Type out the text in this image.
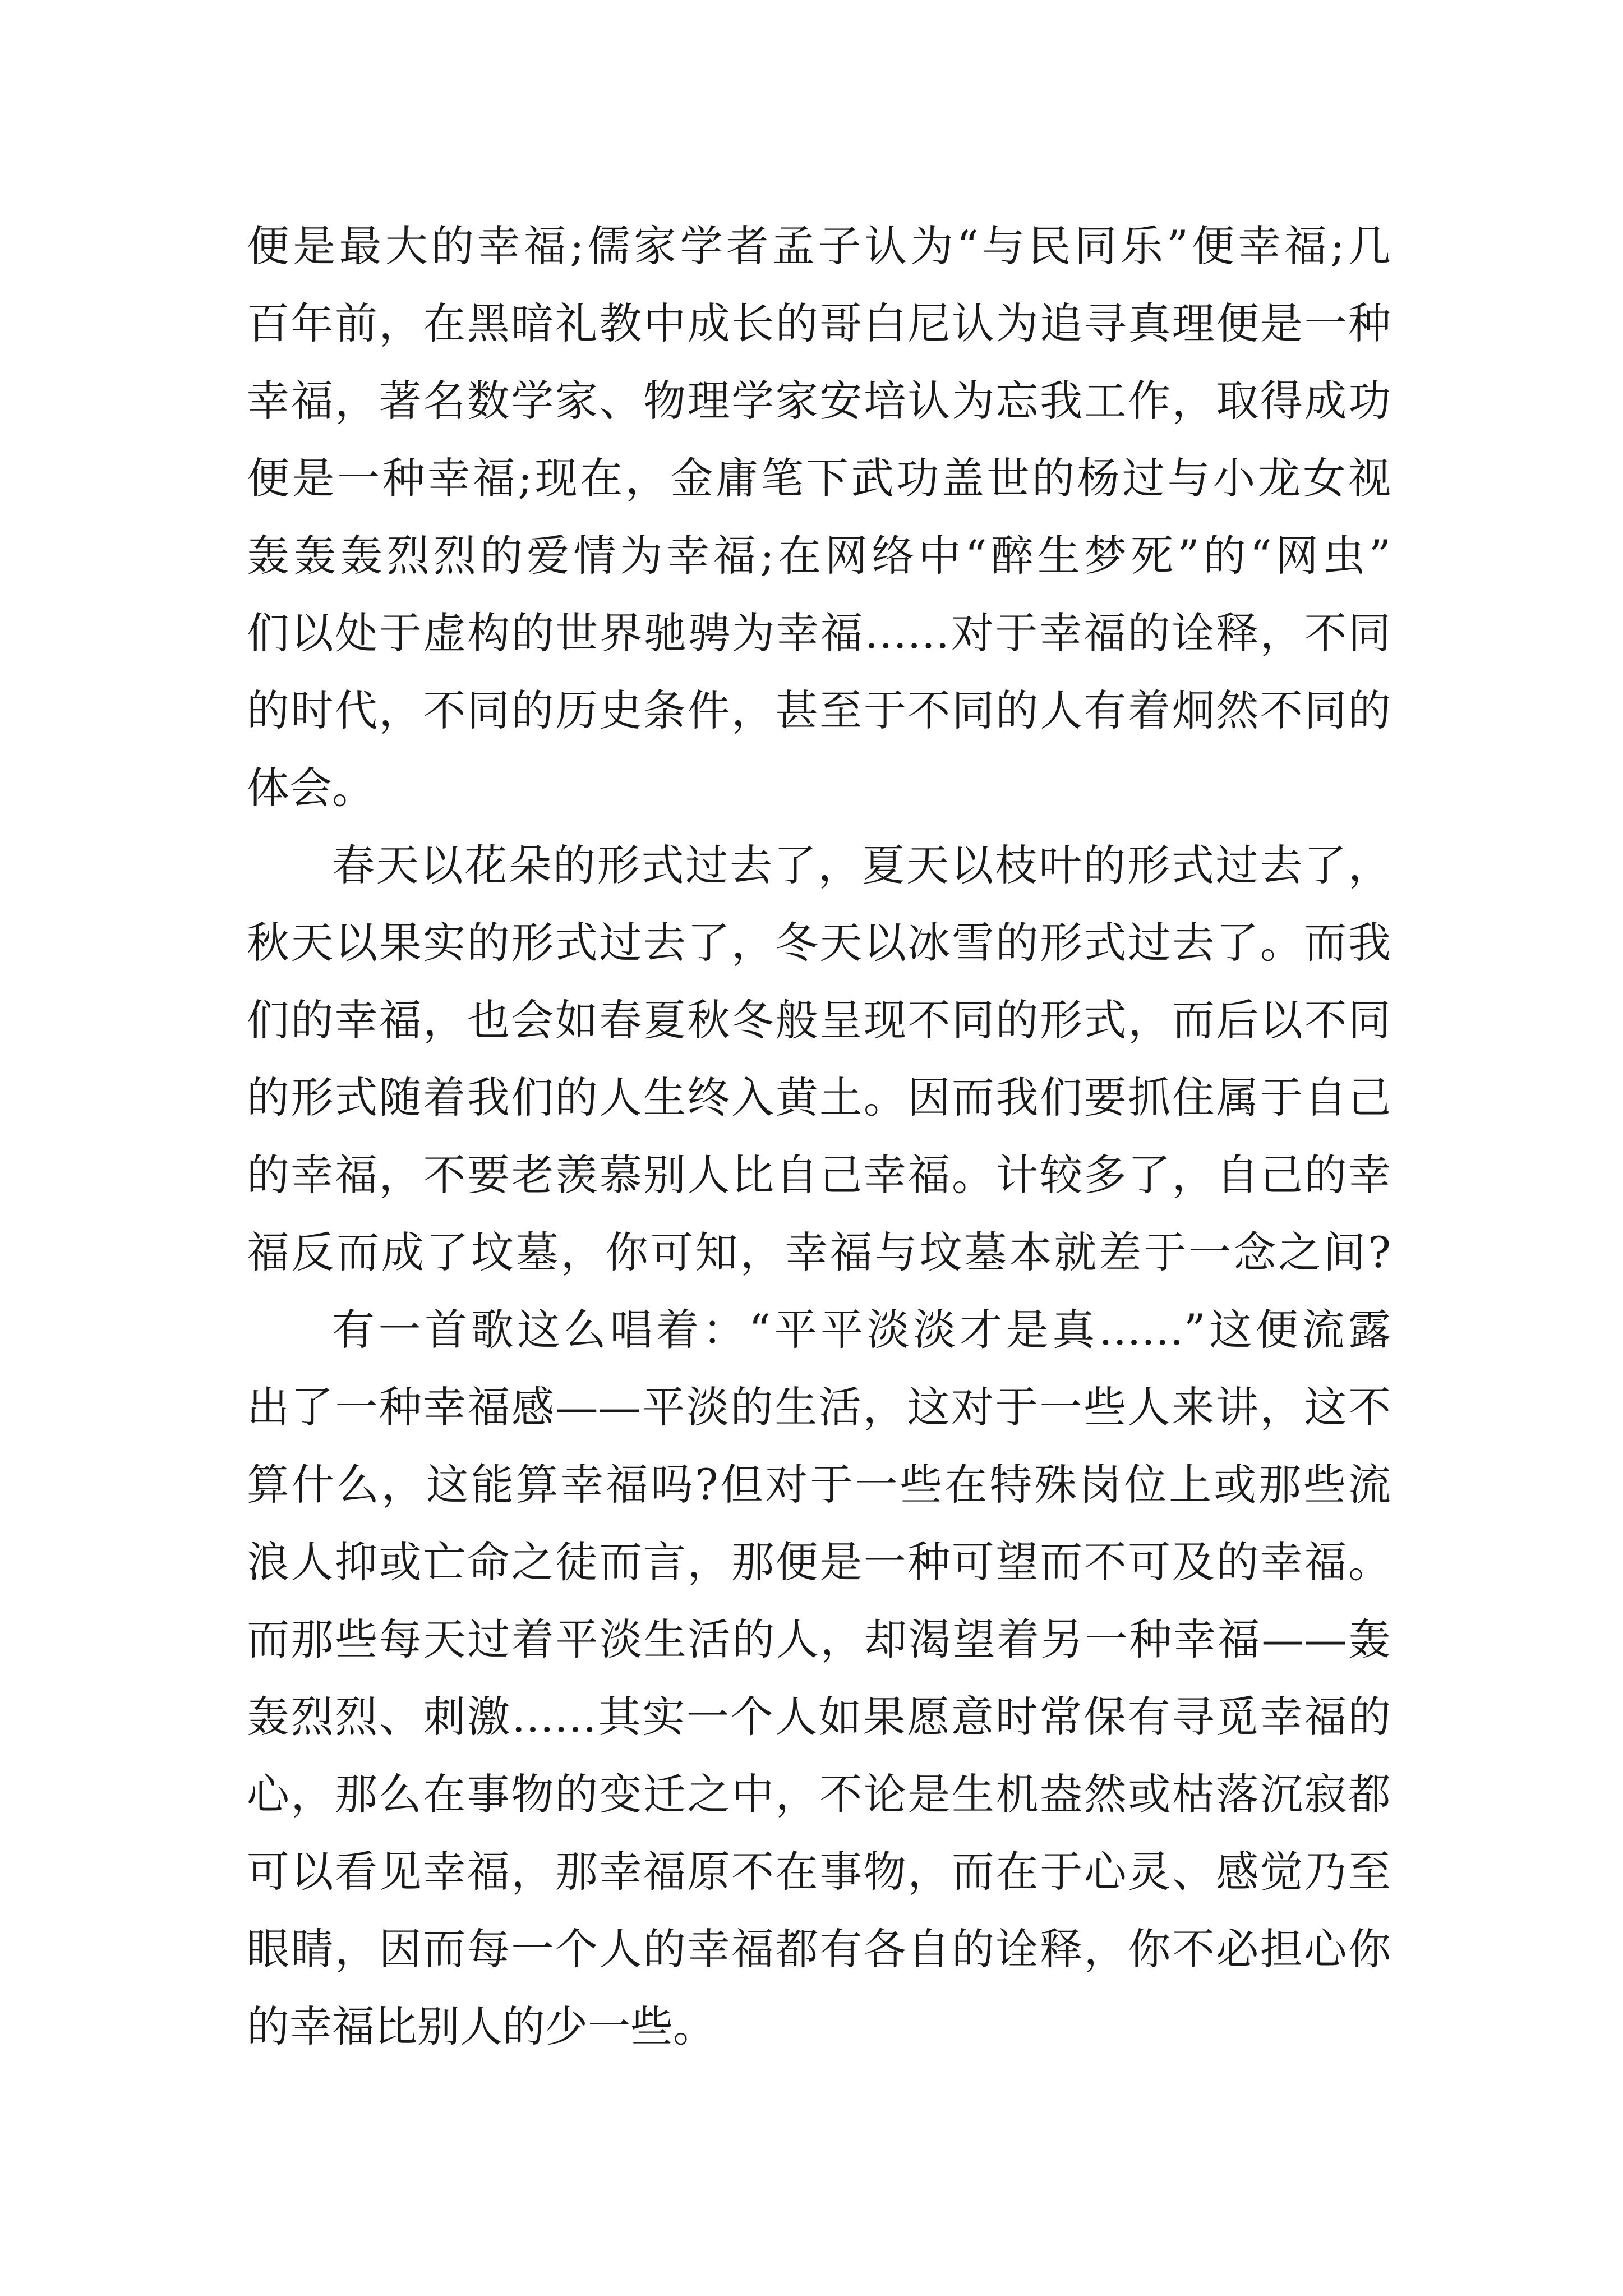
便是最大的幸福;儒家学者孟子认为“与民同乐”便幸福;几
百年前，在黑暗礼教中成长的哥白尼认为追寻真理便是一种
幸福，著名数学家、物理学家安培认为忘我工作，取得成功
便是一种幸福;现在，金庸笔下武功盖世的杨过与小龙女视
轰轰轰烈烈的爱情为幸福;在网络中“醉生梦死”的“网虫”
们以处于虚构的世界驰骋为幸福……对于幸福的诠释，不同
的时代，不同的历史条件，甚至于不同的人有着炯然不同的
体会。
春天以花朵的形式过去了，夏天以枝叶的形式过去了，
秋天以果实的形式过去了，冬天以冰雪的形式过去了。而我
们的幸福，也会如春夏秋冬般呈现不同的形式，而后以不同
的形式随着我们的人生终入黄土。因而我们要抓住属于自己
的幸福，不要老羡慕别人比自己幸福。计较多了，自己的幸
福反而成了坟墓，你可知，幸福与坟墓本就差于一念之间?
有一首歌这么唱着：“平平淡淡才是真……”这便流露
出了一种幸福感——平淡的生活，这对于一些人来讲，这不
算什么，这能算幸福吗?但对于一些在特殊岗位上或那些流
浪人抑或亡命之徒而言，那便是一种可望而不可及的幸福。
而那些每天过着平淡生活的人，却渴望着另一种幸福——轰
轰烈烈、刺激……其实一个人如果愿意时常保有寻觅幸福的
心，那么在事物的变迁之中，不论是生机盎然或枯落沉寂都
可以看见幸福，那幸福原不在事物，而在于心灵、感觉乃至
眼睛，因而每一个人的幸福都有各自的诠释，你不必担心你
的幸福比别人的少一些。
